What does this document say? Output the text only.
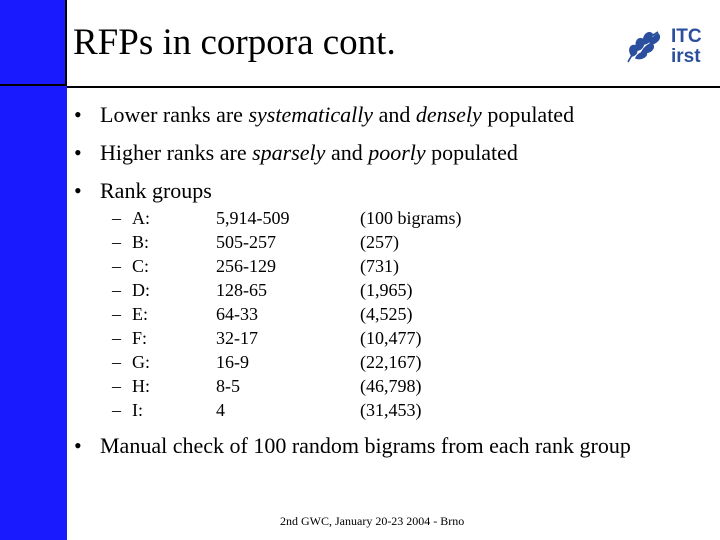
RFPs in corpora cont.	ITC
irst
• Lower ranks are systematically and densely populated
• Higher ranks are sparsely and poorly populated
• Rank groups
– A:	5,914-509	(100 bigrams)
– B:	505-257	(257)
– C:	256-129	(731)
– D:	128-65	(1,965)
– E:	64-33	(4,525)
– F:	32-17	(10,477)
– G:	16-9	(22,167)
– H:	8-5	(46,798)
– I:	4	(31,453)
• Manual check of 100 random bigrams from each rank group
2nd GWC, January 20-23 2004 - Brno
